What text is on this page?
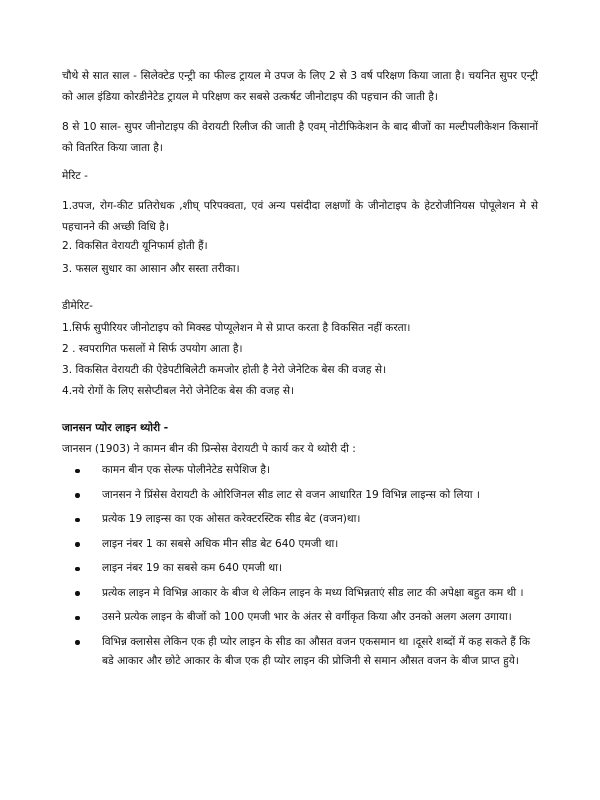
चौथे से सात साल - सिलेक्टेड एन्ट्री का फील्ड ट्रायल मे उपज के लिए 2 से 3 वर्ष परिक्षण किया जाता है। चयनित सुपर एन्ट्री को आल इंडिया कोरडीनेटेड ट्रायल मे परिक्षण कर सबसे उत्कर्षट जीनोटाइप की पहचान की जाती है।

8 से 10 साल- सुपर जीनोटाइप की वेरायटी रिलीज की जाती है एवम् नोटीफिकेशन के बाद बीजों का मल्टीपलीकेशन किसानों को वितरित किया जाता है।

मेरिट -

1.उपज, रोग-कीट प्रतिरोधक ,शीघ् परिपक्वता, एवं अन्य पसंदीदा लक्षणों के जीनोटाइप के हेटरोजीनियस पोपूलेशन मे से पहचानने की अच्छी विधि है।

2. विकसित वेरायटी यूनिफार्म होती हैं।

3. फसल सुधार का आसान और सस्ता तरीका।

डीमेरिट-

1.सिर्फ सुपीरियर जीनोटाइप को मिक्स्ड पोप्यूलेशन मे से प्राप्त करता है विकसित नहीं करता।

2 . स्वपरागित फसलों मे सिर्फ उपयोग आता है।

3. विकसित वेरायटी की ऐडेपटीबिलेटी कमजोर होती है नेरो जेनेटिक बेस की वजह से।

4.नये रोगों के लिए ससेप्टीबल नेरो जेनेटिक बेस की वजह से।

जानसन प्योर लाइन थ्योरी -

जानसन (1903) ने कामन बीन की प्रिन्सेस वेरायटी पे कार्य कर ये थ्योरी दी :

कामन बीन एक सेल्फ पोलीनेटेड सपेशिज है।
जानसन ने प्रिंसेस वेरायटी के ओरिजिनल सीड लाट से वजन आधारित 19 विभिन्न लाइन्स को लिया ।
प्रत्येक 19 लाइन्स का एक ओसत करेक्टरस्टिक सीड बेट (वजन)था।
लाइन नंबर 1 का सबसे अधिक मीन सीड बेट 640 एमजी था।
लाइन नंबर 19 का सबसे कम 640 एमजी था।
प्रत्येक लाइन मे विभिन्न आकार के बीज थे लेकिन लाइन के मध्य विभिन्नताएं सीड लाट की अपेक्षा बहुत कम थी ।
उसने प्रत्येक लाइन के बीजों को 100 एमजी भार के अंतर से वर्गीकृत किया और उनको अलग अलग उगाया।
विभिन्न क्लासेस लेकिन एक ही प्योर लाइन के सीड का औसत वजन एकसमान था ।दूसरे शब्दों में कह सकते हैं कि बडे आकार और छोटे आकार के बीज एक ही प्योर लाइन की प्रोजिनी से समान औसत वजन के बीज प्राप्त हुये।
